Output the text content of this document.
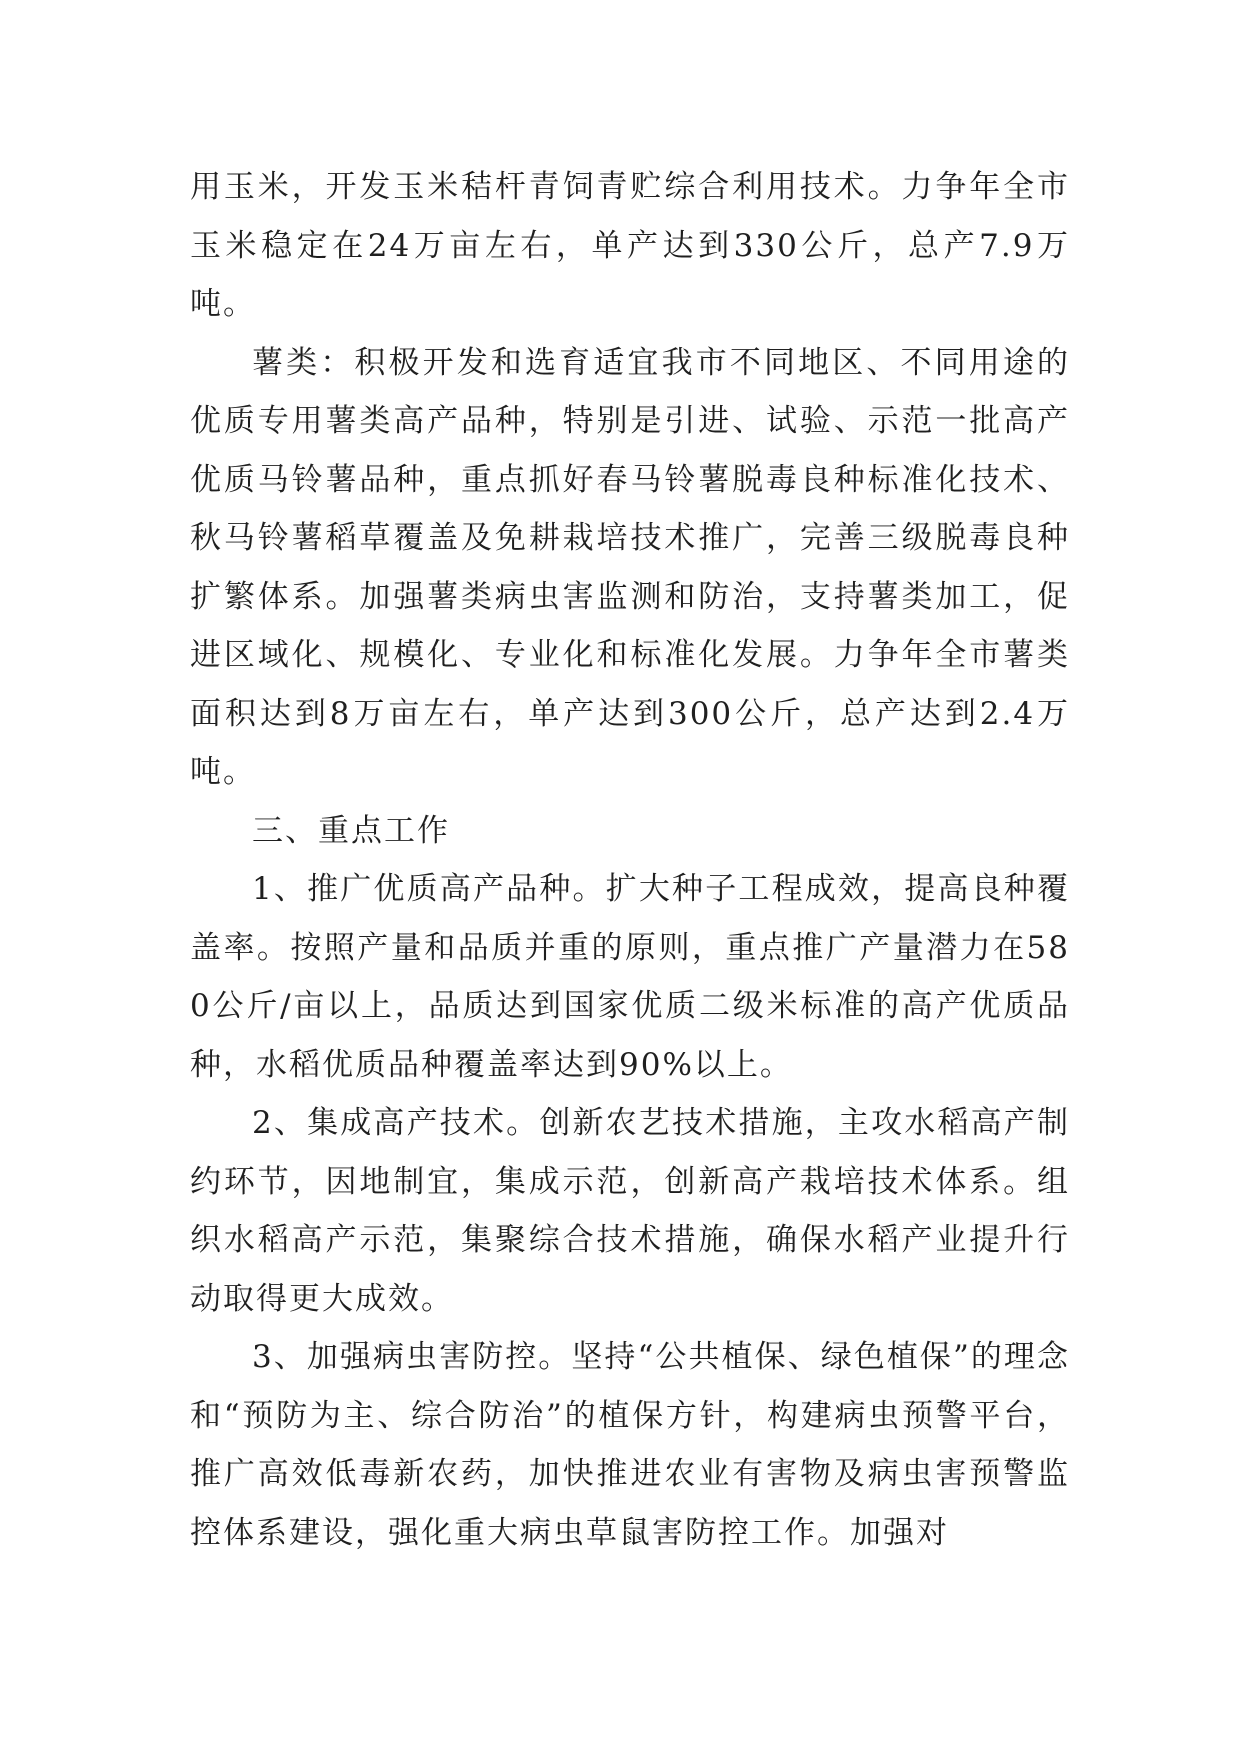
用玉米，开发玉米秸杆青饲青贮综合利用技术。力争年全市玉米稳定在24万亩左右，单产达到330公斤，总产7.9万吨。

薯类：积极开发和选育适宜我市不同地区、不同用途的优质专用薯类高产品种，特别是引进、试验、示范一批高产优质马铃薯品种，重点抓好春马铃薯脱毒良种标准化技术、秋马铃薯稻草覆盖及免耕栽培技术推广，完善三级脱毒良种扩繁体系。加强薯类病虫害监测和防治，支持薯类加工，促进区域化、规模化、专业化和标准化发展。力争年全市薯类面积达到8万亩左右，单产达到300公斤，总产达到2.4万吨。

三、重点工作

1、推广优质高产品种。扩大种子工程成效，提高良种覆盖率。按照产量和品质并重的原则，重点推广产量潜力在580公斤/亩以上，品质达到国家优质二级米标准的高产优质品种，水稻优质品种覆盖率达到90%以上。

2、集成高产技术。创新农艺技术措施，主攻水稻高产制约环节，因地制宜，集成示范，创新高产栽培技术体系。组织水稻高产示范，集聚综合技术措施，确保水稻产业提升行动取得更大成效。

3、加强病虫害防控。坚持“公共植保、绿色植保”的理念和“预防为主、综合防治”的植保方针，构建病虫预警平台，推广高效低毒新农药，加快推进农业有害物及病虫害预警监控体系建设，强化重大病虫草鼠害防控工作。加强对
